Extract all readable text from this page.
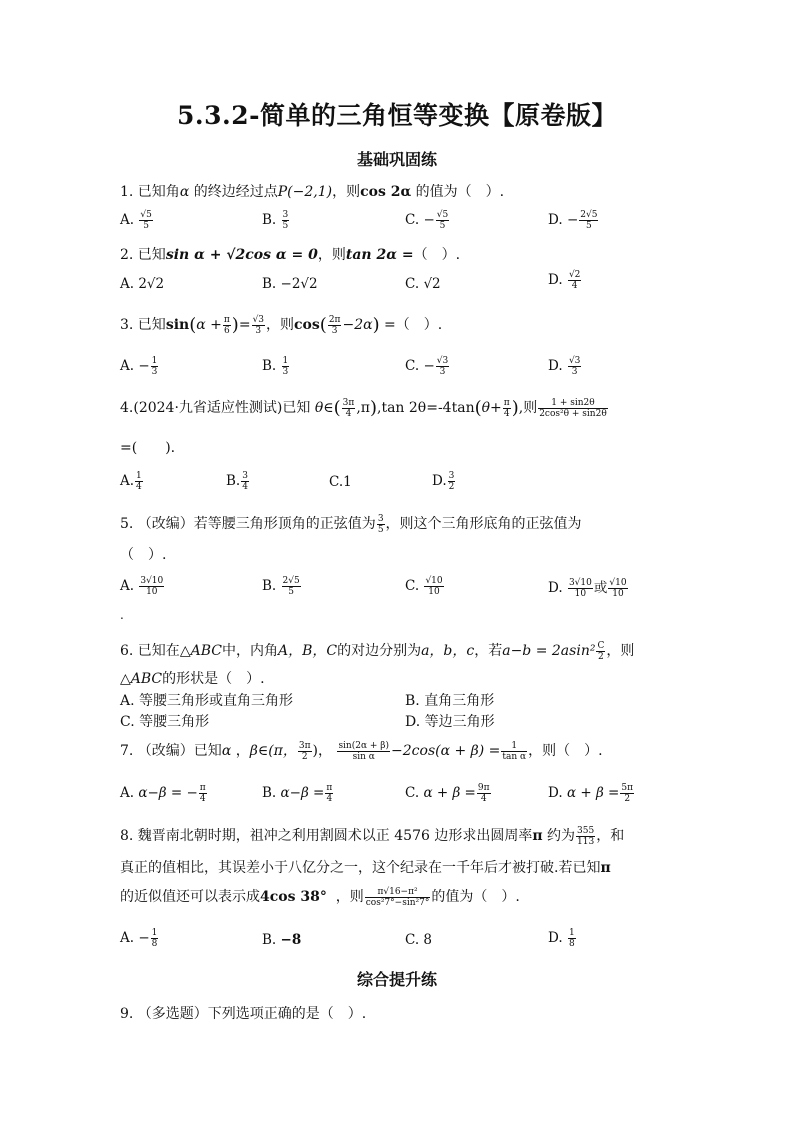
5.3.2-简单的三角恒等变换【原卷版】
基础巩固练
1. 已知角α 的终边经过点P(−2,1)，则cos 2α 的值为（　）.
A. $\frac{√5}{5}$	B. $\frac{3}{5}$	C. − $\frac{√5}{5}$	D. − $\frac{2√5}{5}$
2. 已知sin α + √2cos α = 0，则tan 2α =（　）.
A. 2√2	B. −2√2	C. √2	D. $\frac{√2}{4}$
3. 已知$\sin(\alpha + \frac{\pi}{6}$ )= $\frac{√3}{3}$ ，则$\cos( \frac{2\pi}{3} -2\alpha)$ =（　）.
A. − $\frac{1}{3}$	B. $\frac{1}{3}$	C. − $\frac{√3}{3}$	D. $\frac{√3}{3}$
4.(2024·九省适应性测试)已知 θ∈( $\frac{3\pi}{4} ,\pi),\tan$ $2\theta=-4\tan(\theta+ \frac{\pi}{4}$ ),则 $\frac{1 + \sin 2\theta}{\text{2cos²θ + sin2θ}}$
=(　　).
A. $\frac{1}{4}$	B. $\frac{3}{4}$	C.1	D. $\frac{3}{2}$
5. （改编）若等腰三角形顶角的正弦值为 $\frac{3}{5}$ ，则这个三角形底角的正弦值为
（　）.
A. $\frac{3√10}{10}$	B. $\frac{2√5}{5}$	C. $\frac{√10}{10}$	D. $\frac{3√10}{10}$ 或 $\frac{√10}{10}$
.
6. 已知在△ABC中，内角A，B，C的对边分别为a，b，c，若$a-b = 2asin^2 \frac{C}{2}$ ，则
△ABC的形状是（　）.
A. 等腰三角形或直角三角形	B. 直角三角形
C. 等腰三角形	D. 等边三角形
7. （改编）已知α ，β∈(π， $\frac{3\pi}{2}$ )， $\frac{\sin(2\alpha + \beta)}{\text{sin α}} -2\cos(\alpha + \beta) = \frac{1}{\text{tan α}}$ ，则（　）.
A. α−β = − $\frac{\pi}{4}$	B. $\alpha-\beta = \frac{\pi}{4}$	C. $\alpha + \beta = \frac{9\pi}{4}$	D. $\alpha + \beta = \frac{5\pi}{2}$
8. 魏晋南北朝时期，祖冲之利用割圆术以正 4576 边形求出圆周率π 约为 $\frac{355}{113}$ ，和
真正的值相比，其误差小于八亿分之一，这个纪录在一千年后才被打破.若已知π
的近似值还可以表示成4cos 38° ，则 $\frac{\text{π√16−π²}}{\text{cos²7°−sin²7°}}$ 的值为（　）.
A. − $\frac{1}{8}$	B. −8	C. 8	D. $\frac{1}{8}$
综合提升练
9. （多选题）下列选项正确的是（　）.
